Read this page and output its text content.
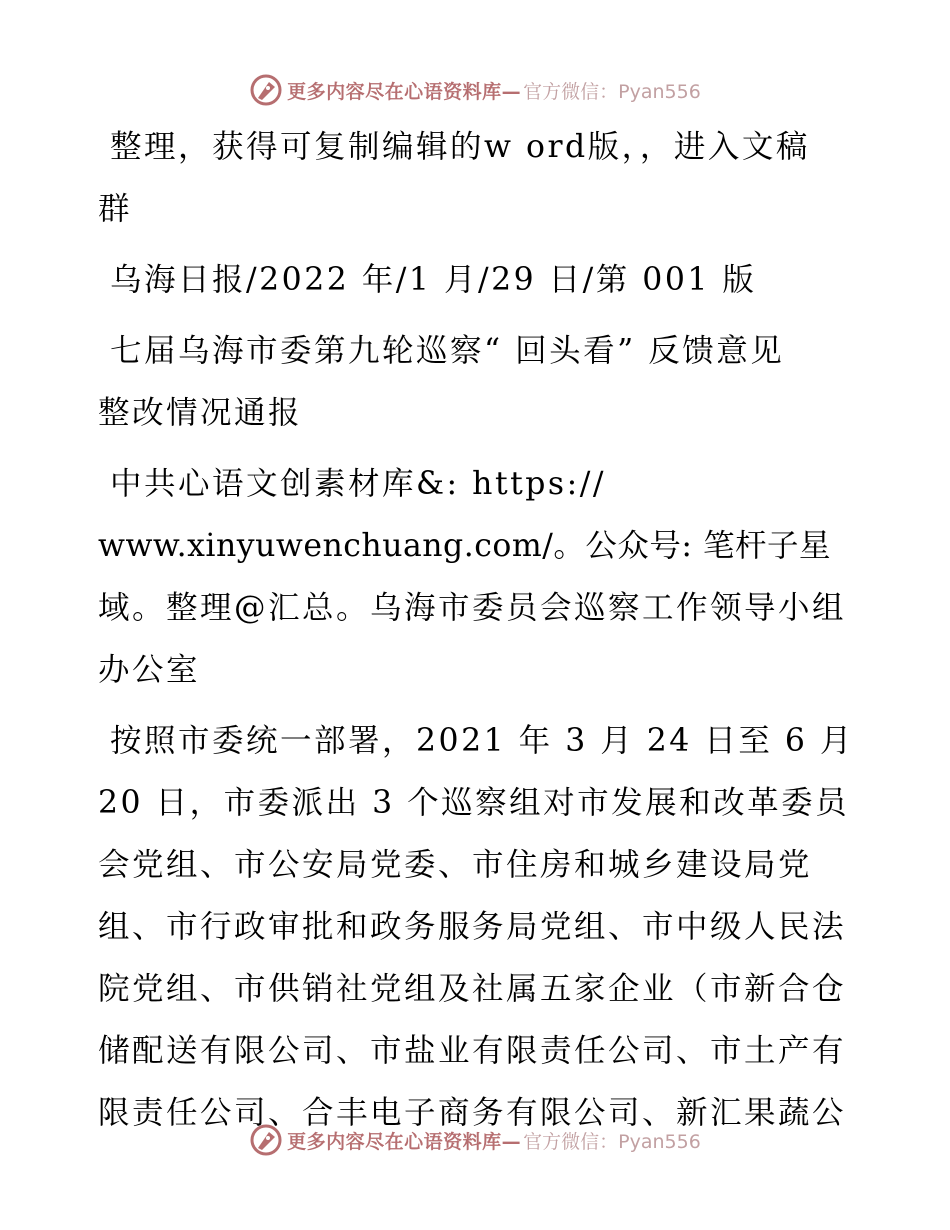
更多内容尽在心语资料库— 官方微信：Pyan556
整理，获得可复制编辑的w ord版，，进入文稿
群
乌海日报/2022 年/1 月/29 日/第 001 版
七届乌海市委第九轮巡察“ 回头看” 反馈意见
整改情况通报
中共心语文创素材库&: https://
www.xinyuwenchuang.com/。公众号: 笔杆子星
域。整理@汇总。乌海市委员会巡察工作领导小组
办公室
按照市委统一部署，2021 年 3 月 24 日至 6 月
20 日，市委派出 3 个巡察组对市发展和改革委员
会党组、市公安局党委、市住房和城乡建设局党
组、市行政审批和政务服务局党组、市中级人民法
院党组、市供销社党组及社属五家企业（市新合仓
储配送有限公司、市盐业有限责任公司、市土产有
限责任公司、合丰电子商务有限公司、新汇果蔬公
更多内容尽在心语资料库— 官方微信：Pyan556
